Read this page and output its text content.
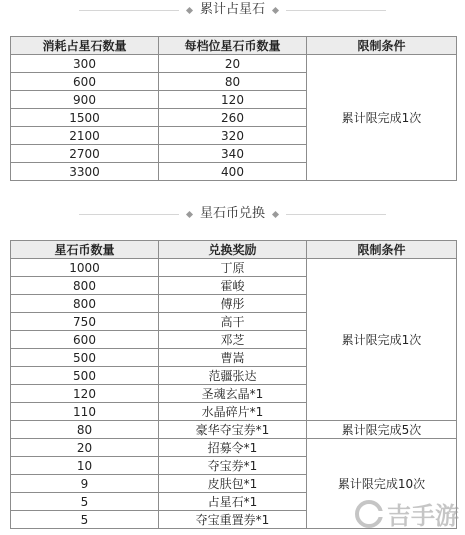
累计占星石
消耗占星石数量	每档位星石币数量	限制条件
300	20	累计限完成1次
600	80	
900	120	
1500	260	
2100	320	
2700	340	
3300	400	
星石币兑换
星石币数量	兑换奖励	限制条件
1000	丁原	累计限完成1次
800	霍峻	
800	傅彤	
750	高干	
600	邓芝	
500	曹嵩	
500	范疆张达	
120	圣魂玄晶*1	
110	水晶碎片*1	
80	豪华夺宝券*1	累计限完成5次
20	招募令*1	累计限完成10次
10	夺宝券*1	
9	皮肤包*1	
5	占星石*1	
5	夺宝重置券*1		吉手游
